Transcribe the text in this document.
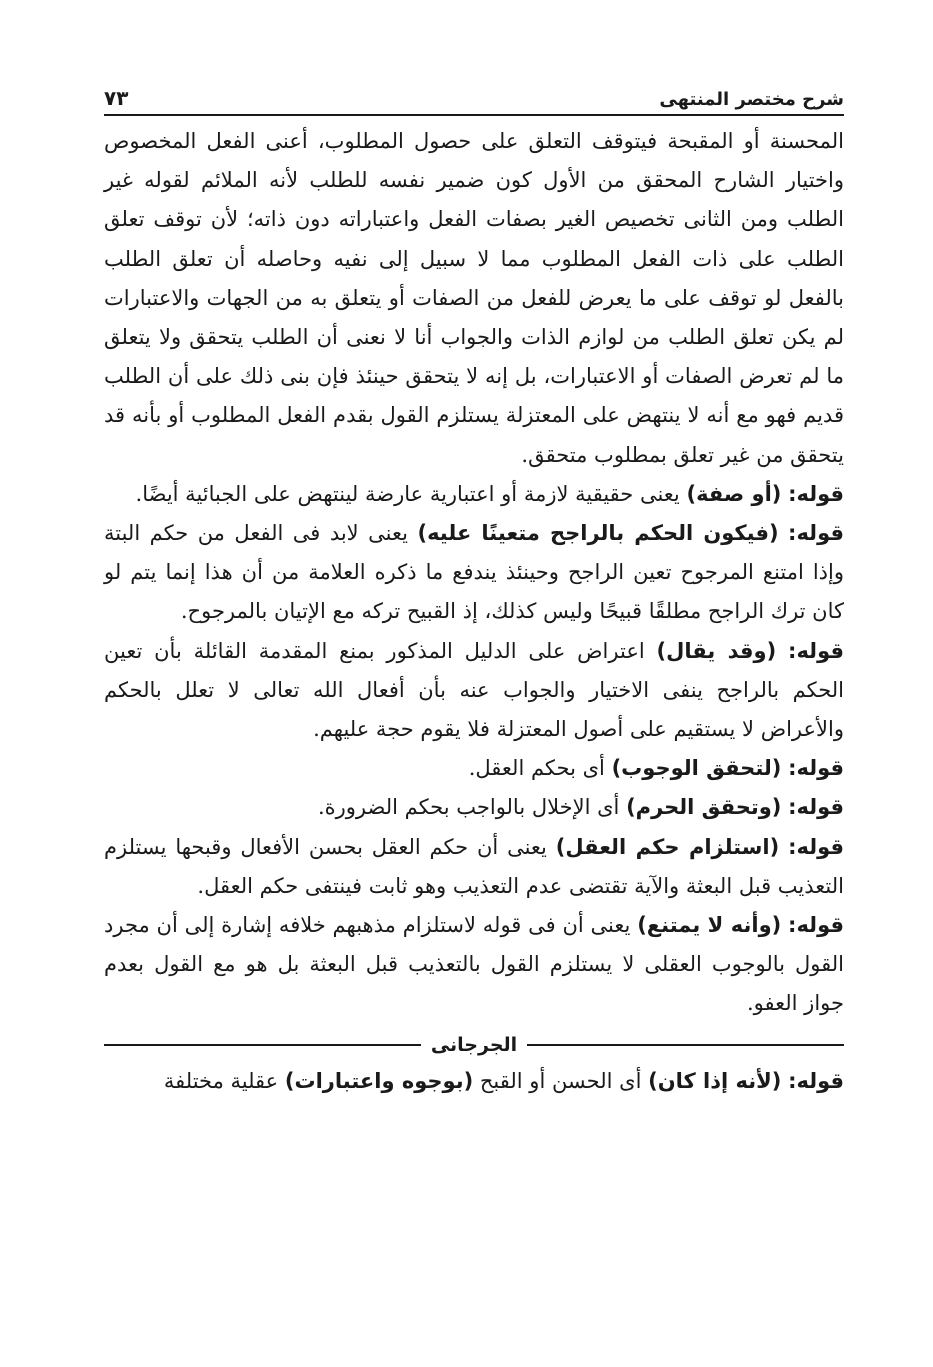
شرح مختصر المنتهى
٧٣

المحسنة أو المقبحة فيتوقف التعلق على حصول المطلوب، أعنى الفعل المخصوص واختيار الشارح المحقق من الأول كون ضمير نفسه للطلب لأنه الملائم لقوله غير الطلب ومن الثانى تخصيص الغير بصفات الفعل واعتباراته دون ذاته؛ لأن توقف تعلق الطلب على ذات الفعل المطلوب مما لا سبيل إلى نفيه وحاصله أن تعلق الطلب بالفعل لو توقف على ما يعرض للفعل من الصفات أو يتعلق به من الجهات والاعتبارات لم يكن تعلق الطلب من لوازم الذات والجواب أنا لا نعنى أن الطلب يتحقق ولا يتعلق ما لم تعرض الصفات أو الاعتبارات، بل إنه لا يتحقق حينئذ فإن بنى ذلك على أن الطلب قديم فهو مع أنه لا ينتهض على المعتزلة يستلزم القول بقدم الفعل المطلوب أو بأنه قد يتحقق من غير تعلق بمطلوب متحقق.

قوله: (أو صفة) يعنى حقيقية لازمة أو اعتبارية عارضة لينتهض على الجبائية أيضًا.

قوله: (فيكون الحكم بالراجح متعينًا عليه) يعنى لابد فى الفعل من حكم البتة وإذا امتنع المرجوح تعين الراجح وحينئذ يندفع ما ذكره العلامة من أن هذا إنما يتم لو كان ترك الراجح مطلقًا قبيحًا وليس كذلك، إذ القبيح تركه مع الإتيان بالمرجوح.

قوله: (وقد يقال) اعتراض على الدليل المذكور بمنع المقدمة القائلة بأن تعين الحكم بالراجح ينفى الاختيار والجواب عنه بأن أفعال الله تعالى لا تعلل بالحكم والأعراض لا يستقيم على أصول المعتزلة فلا يقوم حجة عليهم.

قوله: (لتحقق الوجوب) أى بحكم العقل.

قوله: (وتحقق الحرم) أى الإخلال بالواجب بحكم الضرورة.

قوله: (استلزام حكم العقل) يعنى أن حكم العقل بحسن الأفعال وقبحها يستلزم التعذيب قبل البعثة والآية تقتضى عدم التعذيب وهو ثابت فينتفى حكم العقل.

قوله: (وأنه لا يمتنع) يعنى أن فى قوله لاستلزام مذهبهم خلافه إشارة إلى أن مجرد القول بالوجوب العقلى لا يستلزم القول بالتعذيب قبل البعثة بل هو مع القول بعدم جواز العفو.

الجرجانى

قوله: (لأنه إذا كان) أى الحسن أو القبح (بوجوه واعتبارات) عقلية مختلفة
